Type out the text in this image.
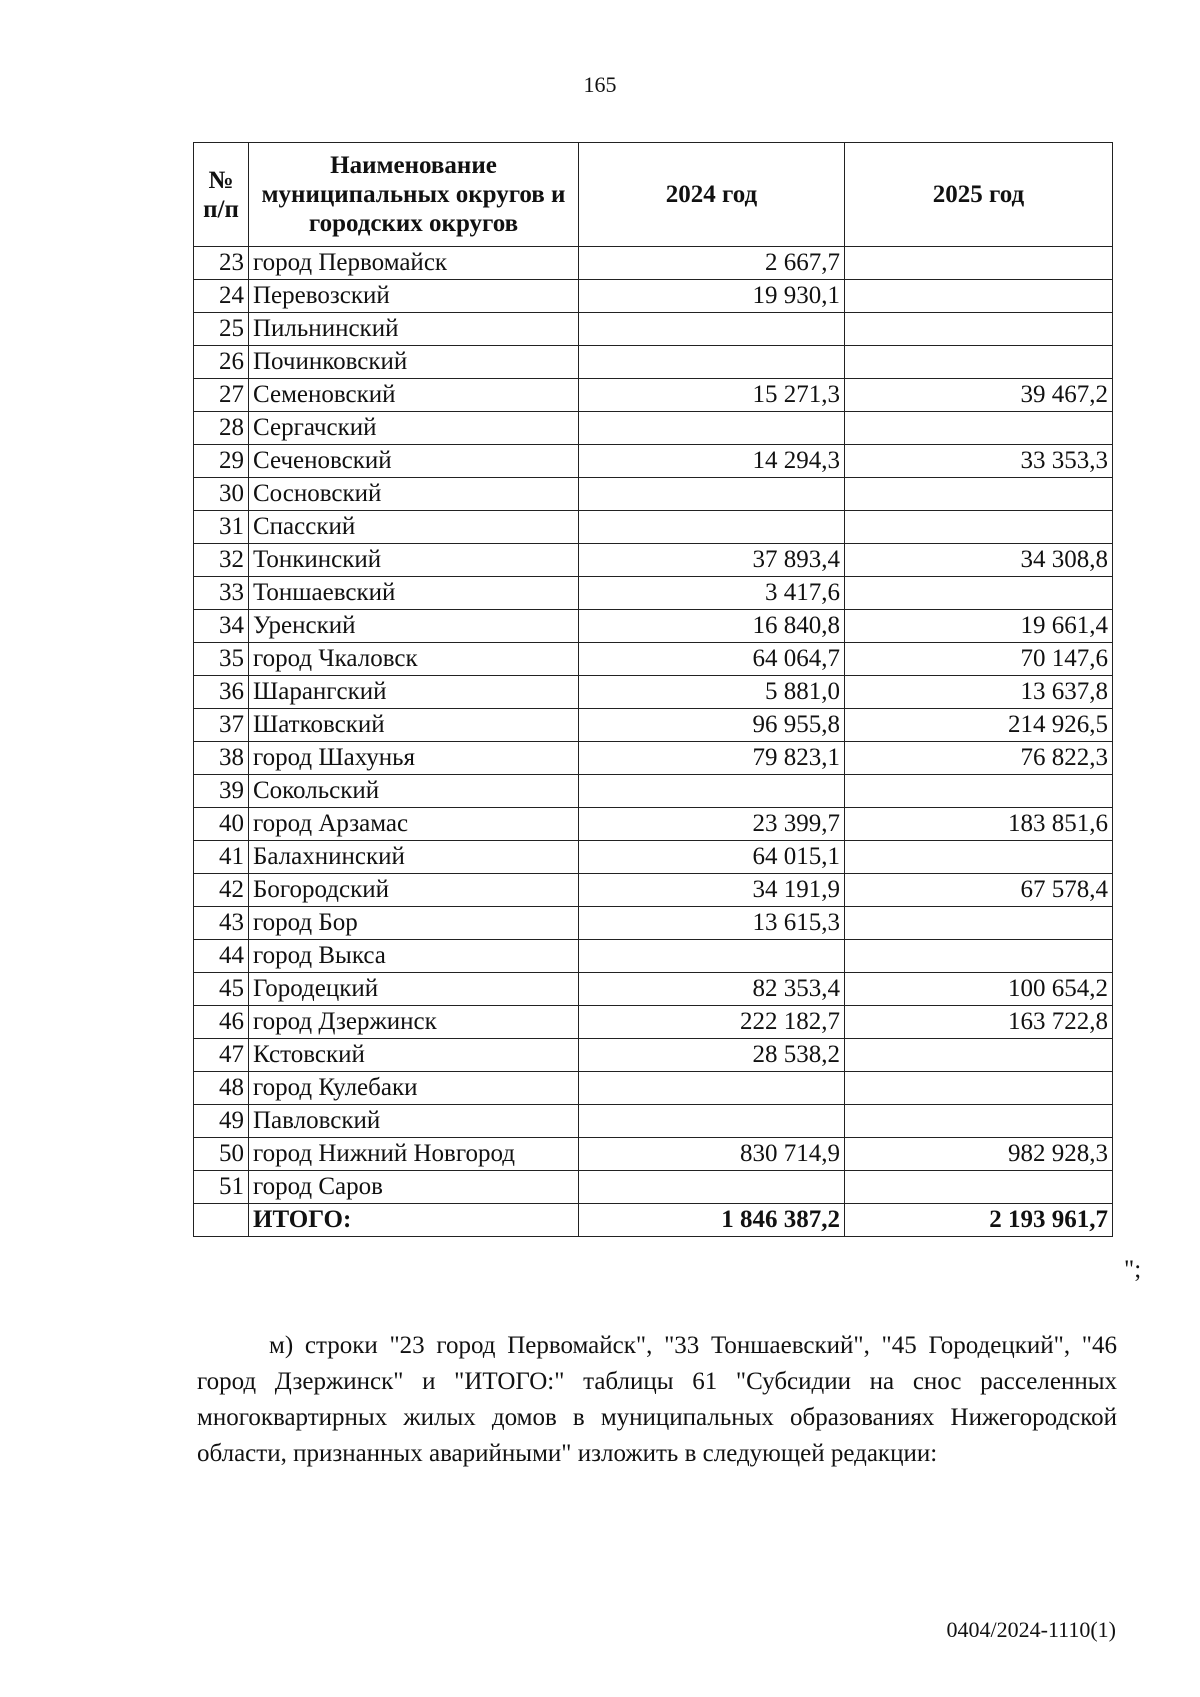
165
№ п/п	Наименование муниципальных округов и городских округов	2024 год	2025 год
23	город Первомайск	2 667,7	
24	Перевозский	19 930,1	
25	Пильнинский		
26	Починковский		
27	Семеновский	15 271,3	39 467,2
28	Сергачский		
29	Сеченовский	14 294,3	33 353,3
30	Сосновский		
31	Спасский		
32	Тонкинский	37 893,4	34 308,8
33	Тоншаевский	3 417,6	
34	Уренский	16 840,8	19 661,4
35	город Чкаловск	64 064,7	70 147,6
36	Шарангский	5 881,0	13 637,8
37	Шатковский	96 955,8	214 926,5
38	город Шахунья	79 823,1	76 822,3
39	Сокольский		
40	город Арзамас	23 399,7	183 851,6
41	Балахнинский	64 015,1	
42	Богородский	34 191,9	67 578,4
43	город Бор	13 615,3	
44	город Выкса		
45	Городецкий	82 353,4	100 654,2
46	город Дзержинск	222 182,7	163 722,8
47	Кстовский	28 538,2	
48	город Кулебаки		
49	Павловский		
50	город Нижний Новгород	830 714,9	982 928,3
51	город Саров		
	ИТОГО:	1 846 387,2	2 193 961,7
";

м) строки "23 город Первомайск", "33 Тоншаевский", "45 Городецкий", "46 город Дзержинск" и "ИТОГО:" таблицы 61 "Субсидии на снос расселенных многоквартирных жилых домов в муниципальных образованиях Нижегородской области, признанных аварийными" изложить в следующей редакции:

0404/2024-1110(1)
